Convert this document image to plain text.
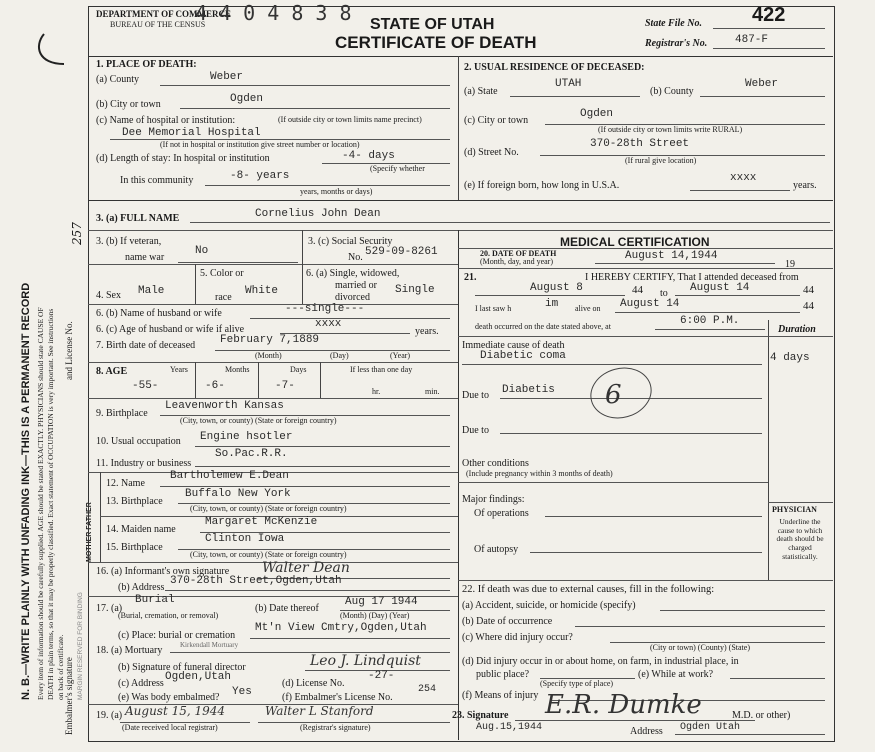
N. B.—WRITE PLAINLY WITH UNFADING INK—THIS IS A PERMANENT RECORD Every item of information should be carefully supplied. AGE should be stated EXACTLY. PHYSICIANS should state CAUSE OF DEATH in plain terms, so that it may be properly classified. Exact statement of OCCUPATION is very important. See instructions on back of certificate. Embalmer's signature
and License No.
257
MARGIN RESERVED FOR BINDING
MOTHER FATHER
DEPARTMENT OF COMMERCE
BUREAU OF THE CENSUS
4 4 0 4 8 3 8 STATE OF UTAH
CERTIFICATE OF DEATH
State File No.	422
Registrar's No.	487-F
1. PLACE OF DEATH:
(a) County	Weber
(b) City or town	Ogden
(c) Name of hospital or institution:	(If outside city or town limits name precinct)
Dee Memorial Hospital
(If not in hospital or institution give street number or location)
(d) Length of stay: In hospital or institution	-4- days
In this community	-8- years
(Specify whether
years, months or days)
2. USUAL RESIDENCE OF DECEASED:
(a) State
UTAH
(b) County
Weber
(c) City or town
Ogden
(If outside city or town limits write RURAL)
(d) Street No.
370-28th Street
(If rural give location)
(e) If foreign born, how long in U.S.A.
xxxx
years.
3. (a) FULL NAME	Cornelius John Dean
3. (b) If veteran,
name war
No
3. (c) Social Security
No. 529-09-8261
4. Sex Male
5. Color or
race
White
6. (a) Single, widowed,
married or
divorced
Single
6. (b) Name of husband or wife	---single---
6. (c) Age of husband or wife if alive	xxxx
years.
7. Birth date of deceased February 7,1889
(Month)	(Day)	(Year)
8. AGE	Years	Months	Days	If less than one day
-55-	-6-	-7-	hr.	min.
9. Birthplace
Leavenworth Kansas
(City, town, or county) (State or foreign country)
10. Usual occupation Engine hsotler
11. Industry or business
So.Pac.R.R.
12. Name
Bartholemew E.Dean
13. Birthplace
Buffalo New York
(City, town, or county) (State or foreign country)
14. Maiden name
Margaret McKenzie
15. Birthplace
Clinton Iowa
(City, town, or county) (State or foreign country)
16. (a) Informant's own signature Walter Dean
(b) Address
370-28th Street,Ogden,Utah
17. (a)
Burial
(Burial, cremation, or removal)
(b) Date thereof
Aug 17 1944
(Month) (Day) (Year)
(c) Place: burial or cremation
Mt'n View Cmtry,Ogden,Utah
18. (a) Mortuary	Kirkendall Mortuary
(b) Signature of funeral director	Leo J. Lindquist
(c) Address
Ogden,Utah
(d) License No.
-27-
(e) Was body embalmed? Yes	(f) Embalmer's License No.
254
19. (a) August 15, 1944
(Date received local registrar)
Walter L Stanford
(Registrar's signature)
MEDICAL CERTIFICATION
20. DATE OF DEATH
(Month, day, and year)	August 14,1944
19
21.	I HEREBY CERTIFY, That I attended deceased from
August 8	44 to August 14	44
I last saw h	im alive on August 14	44
death occurred on the date stated above, at	6:00 P.M.
Duration
Immediate cause of death
Diabetic coma	4 days
Due to Diabetis 6
Due to
Other conditions
(Include pregnancy within 3 months of death)
Major findings:
Of operations
Of autopsy
PHYSICIAN
Underline the cause to which death should be charged statistically.
22. If death was due to external causes, fill in the following:
(a) Accident, suicide, or homicide (specify)
(b) Date of occurrence
(c) Where did injury occur?
(City or town) (County) (State)
(d) Did injury occur in or about home, on farm, in industrial place, in
public place?
(Specify type of place)
(e) While at work?
(f) Means of injury
23. Signature E.R. Dumke	M.D. or other)
Aug.15,1944	Address Ogden Utah
